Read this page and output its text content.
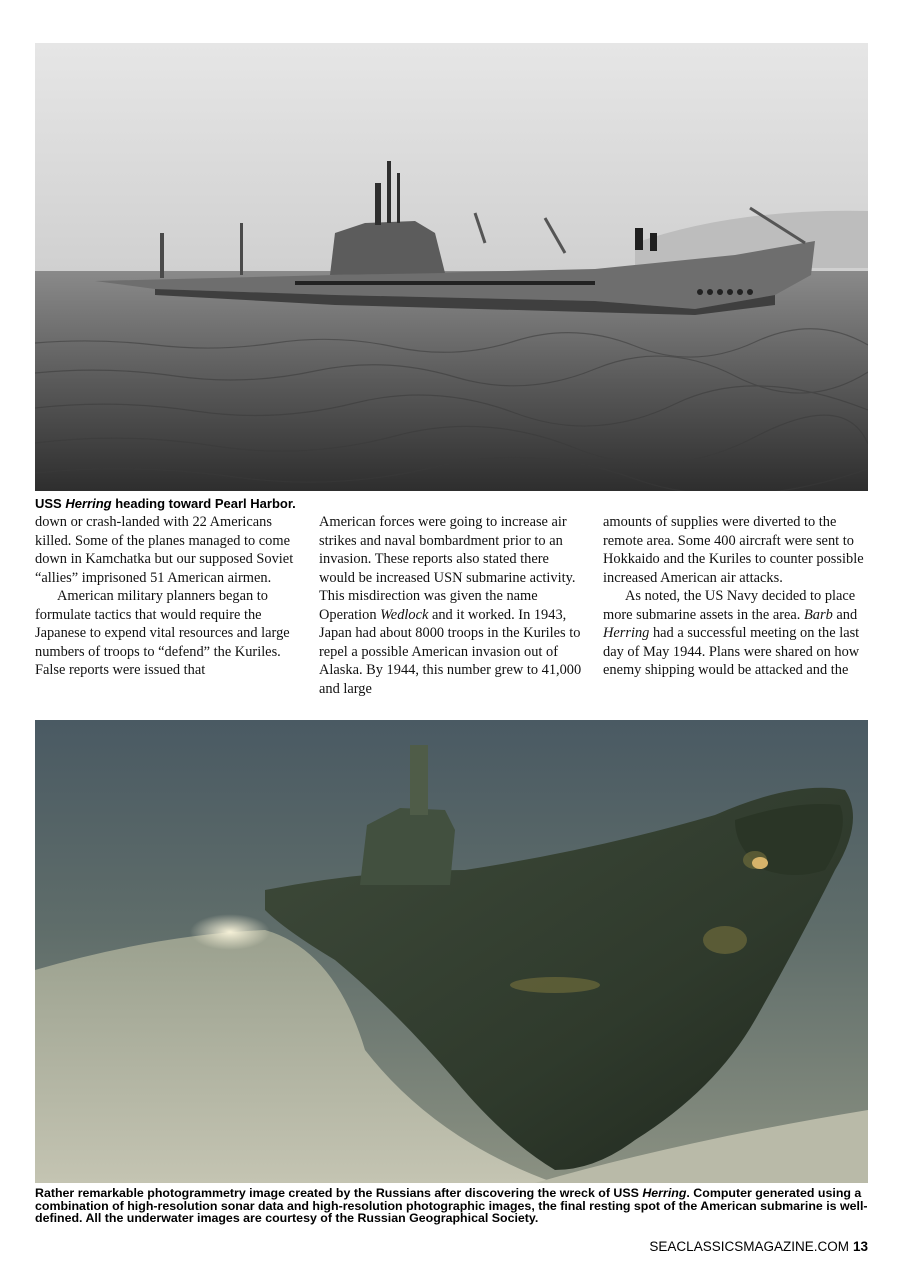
USS Herring heading toward Pearl Harbor.

down or crash-landed with 22 Americans killed. Some of the planes managed to come down in Kamchatka but our supposed Soviet “allies” imprisoned 51 American airmen.

American military planners began to formulate tactics that would require the Japanese to expend vital resources and large numbers of troops to “defend” the Kuriles. False reports were issued that

American forces were going to increase air strikes and naval bombardment prior to an invasion. These reports also stated there would be increased USN submarine activity. This misdirection was given the name Operation Wedlock and it worked. In 1943, Japan had about 8000 troops in the Kuriles to repel a possible American invasion out of Alaska. By 1944, this number grew to 41,000 and large

amounts of supplies were diverted to the remote area. Some 400 aircraft were sent to Hokkaido and the Kuriles to counter possible increased American air attacks.

As noted, the US Navy decided to place more submarine assets in the area. Barb and Herring had a successful meeting on the last day of May 1944. Plans were shared on how enemy shipping would be attacked and the

Rather remarkable photogrammetry image created by the Russians after discovering the wreck of USS Herring. Computer generated using a combination of high-resolution sonar data and high-resolution photographic images, the final resting spot of the American submarine is well-defined. All the underwater images are courtesy of the Russian Geographical Society.
SEACLASSICSMAGAZINE.COM 13
